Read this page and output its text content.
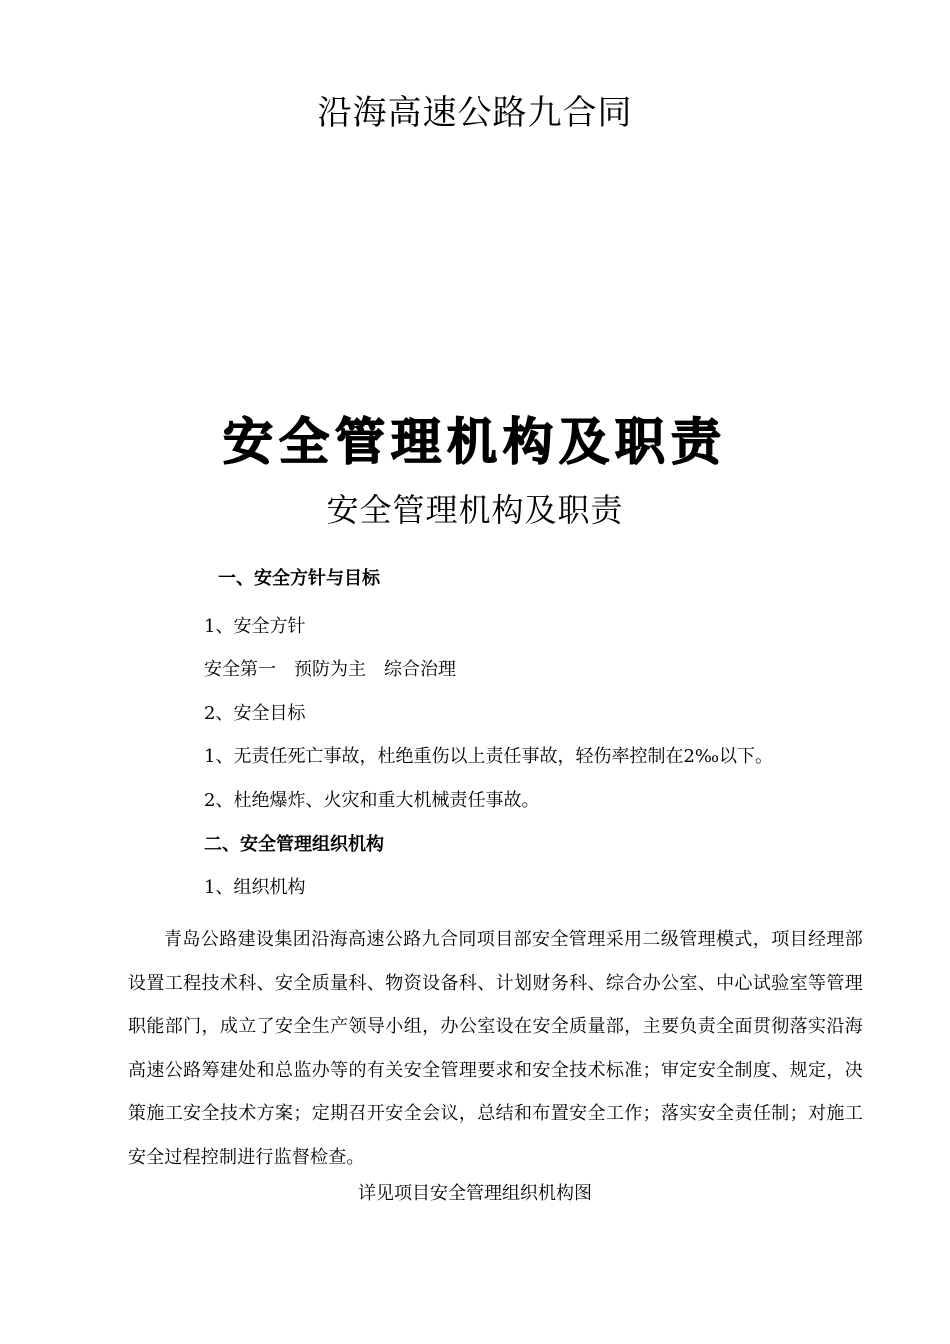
沿海高速公路九合同
安全管理机构及职责
安全管理机构及职责
一、安全方针与目标
1、安全方针
安全第一　预防为主　综合治理
2、安全目标
1、无责任死亡事故，杜绝重伤以上责任事故，轻伤率控制在2‰以下。
2、杜绝爆炸、火灾和重大机械责任事故。
二、安全管理组织机构
1、组织机构
青岛公路建设集团沿海高速公路九合同项目部安全管理采用二级管理模式，项目经理部设置工程技术科、安全质量科、物资设备科、计划财务科、综合办公室、中心试验室等管理职能部门，成立了安全生产领导小组，办公室设在安全质量部，主要负责全面贯彻落实沿海高速公路筹建处和总监办等的有关安全管理要求和安全技术标准；审定安全制度、规定，决策施工安全技术方案；定期召开安全会议，总结和布置安全工作；落实安全责任制；对施工安全过程控制进行监督检查。
详见项目安全管理组织机构图
